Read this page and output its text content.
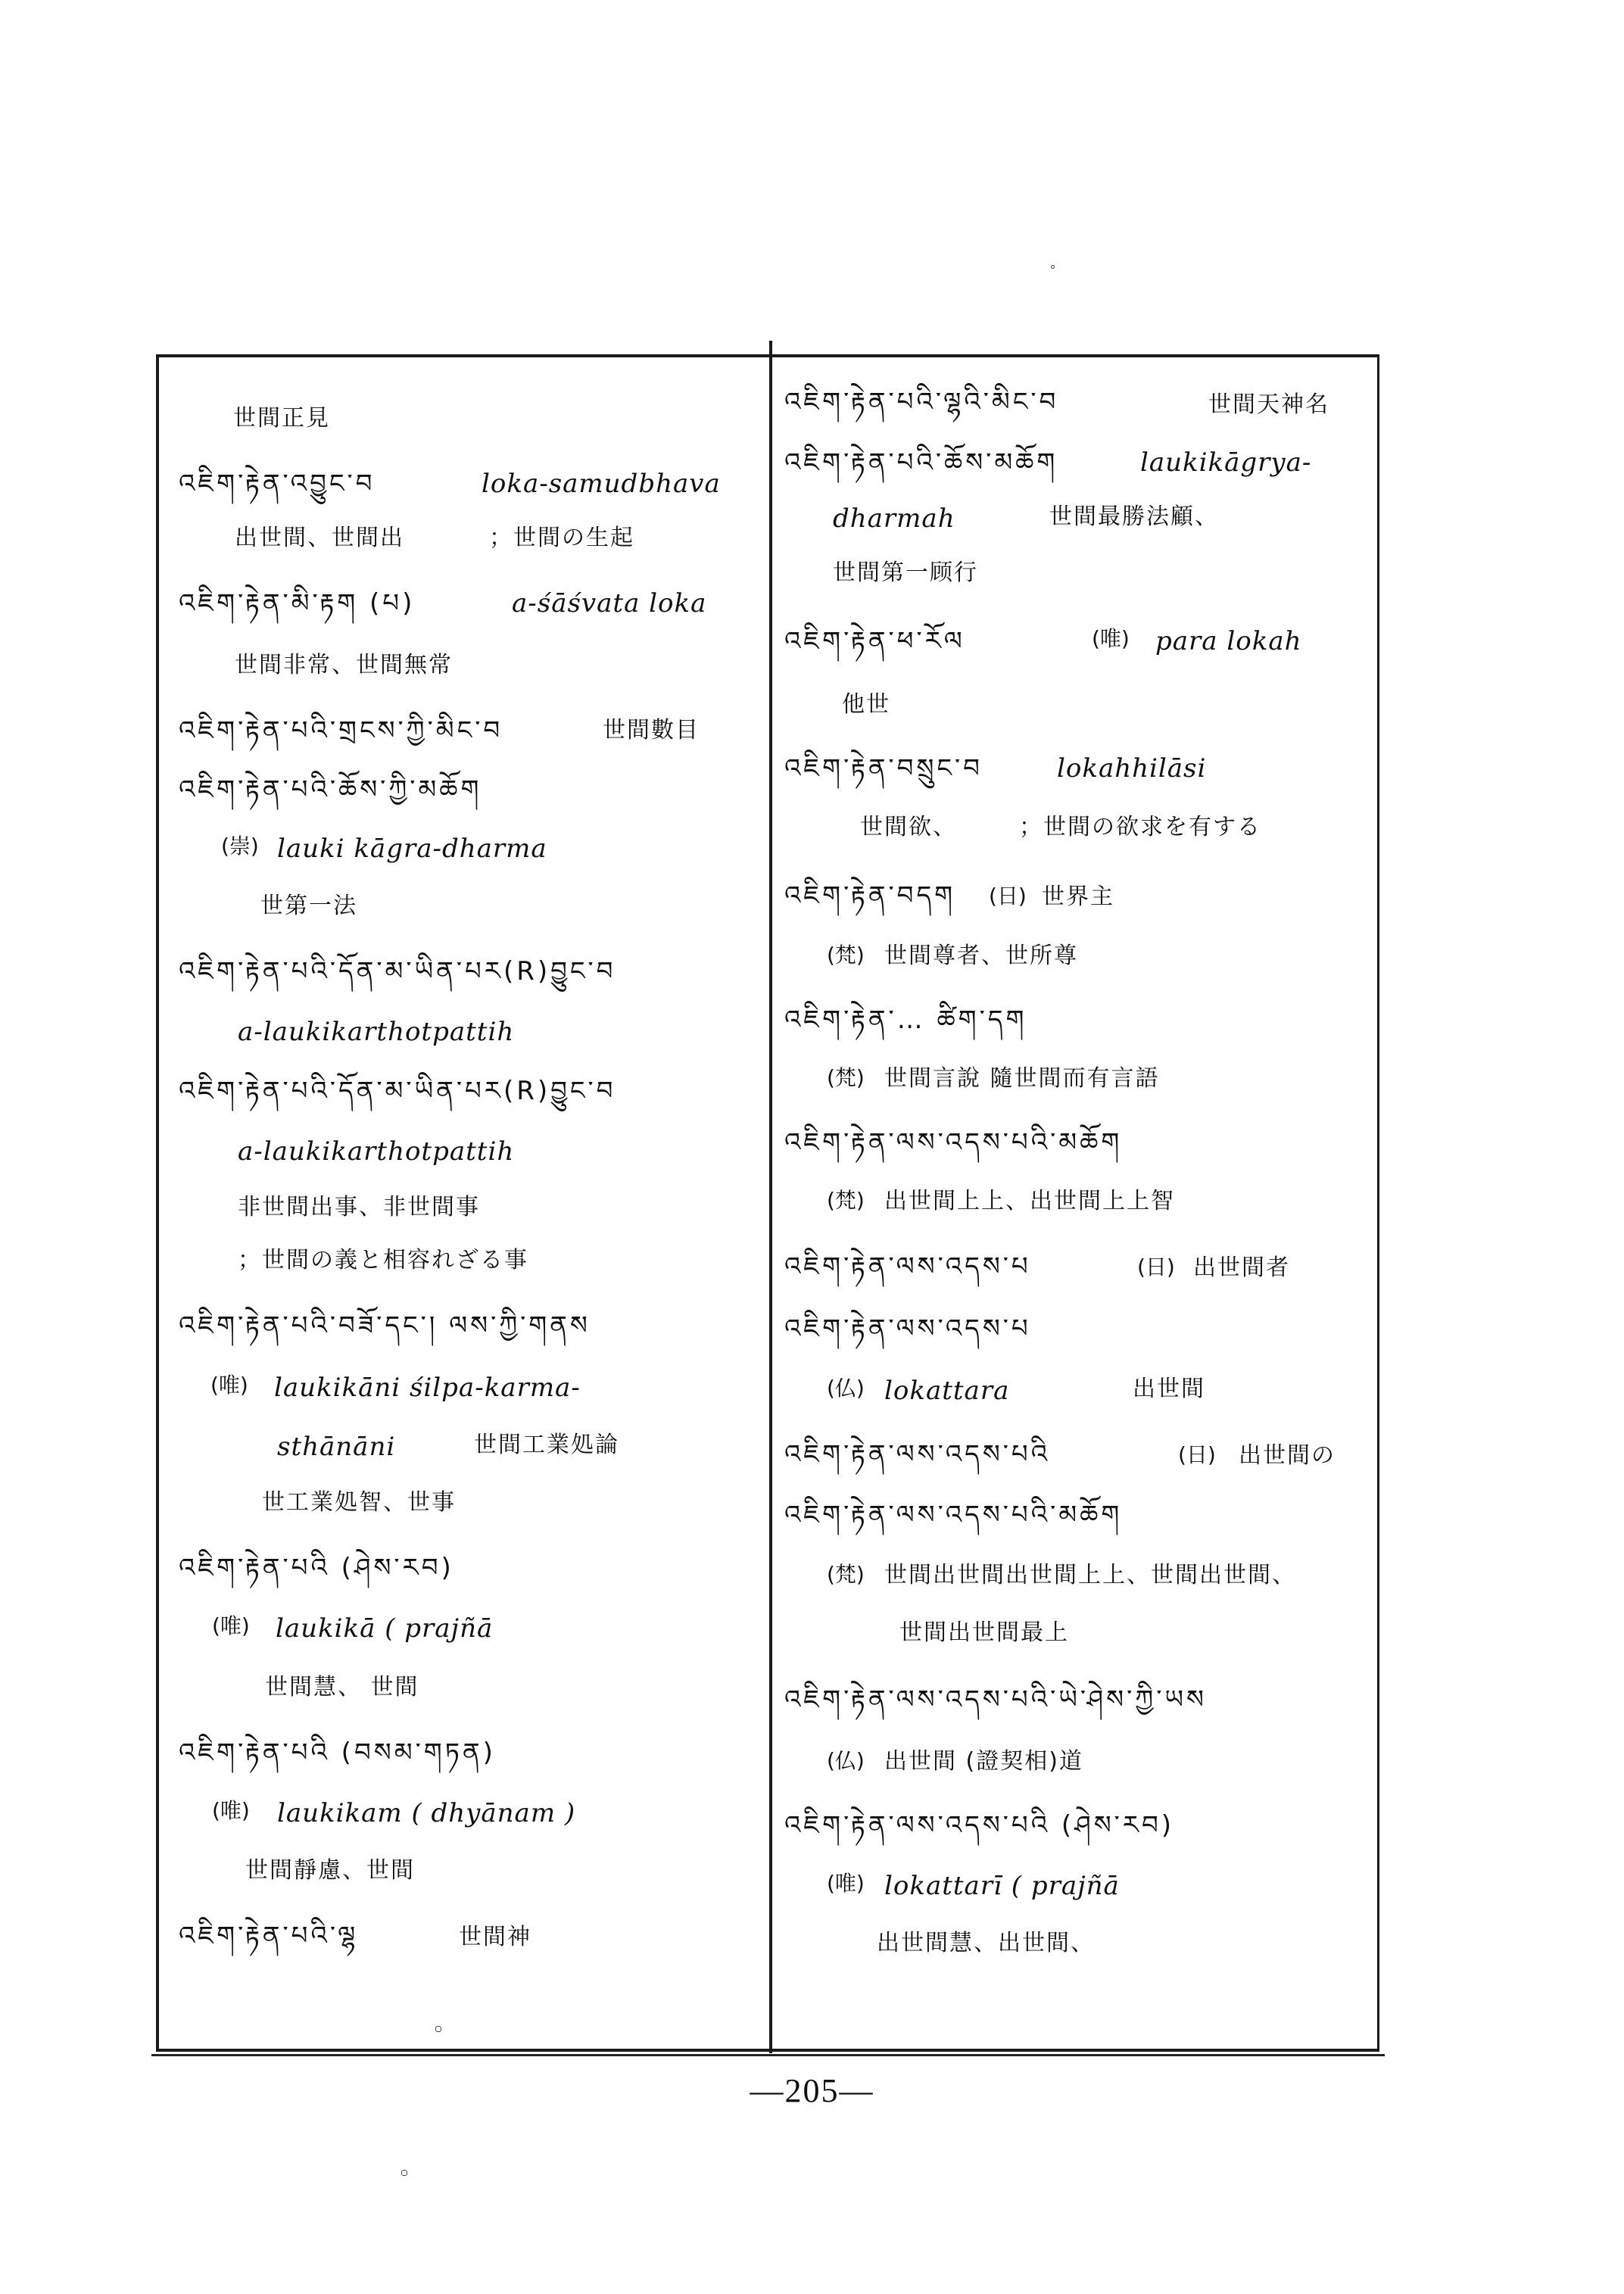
世間正見
འཇིག་རྟེན་འབྱུང་བ	loka-samudbhava
出世間、世間出	；世間の生起
འཇིག་རྟེན་མི་རྟག (པ)	a-śāśvata loka
世間非常、世間無常
འཇིག་རྟེན་པའི་གྲངས་ཀྱི་མིང་བ	世間數目
འཇིག་རྟེན་པའི་ཆོས་ཀྱི་མཆོག
(崇) lauki kāgra-dharma
世第一法
འཇིག་རྟེན་པའི་དོན་མ་ཡིན་པར(R)བྱུང་བ
a-laukikarthotpattih
འཇིག་རྟེན་པའི་དོན་མ་ཡིན་པར(R)བྱུང་བ
a-laukikarthotpattih
非世間出事、非世間事
；世間の義と相容れざる事
འཇིག་རྟེན་པའི་བཟོ་དང་། ལས་ཀྱི་གནས
(唯) laukikāni śilpa-karma-
sthānāni	世間工業処論
世工業処智、世事
འཇིག་རྟེན་པའི (ཤེས་རབ)
(唯) laukikā ( prajñā
世間慧、 世間
འཇིག་རྟེན་པའི (བསམ་གཏན)
(唯) laukikam ( dhyānam )
世間靜慮、世間
འཇིག་རྟེན་པའི་ལྷ	世間神
འཇིག་རྟེན་པའི་ལྷའི་མིང་བ	世間天神名
འཇིག་རྟེན་པའི་ཆོས་མཆོག	laukikāgrya-
dharmah	世間最勝法顧、
世間第一顾行
འཇིག་རྟེན་ཕ་རོལ	(唯) para lokah
他世
འཇིག་རྟེན་བསྲུང་བ	lokahhilāsi
世間欲、	；世間の欲求を有する
འཇིག་རྟེན་བདག (日) 世界主
(梵) 世間尊者、世所尊
འཇིག་རྟེན་… ཚིག་དག
(梵) 世間言說 隨世間而有言語
འཇིག་རྟེན་ལས་འདས་པའི་མཆོག
(梵) 出世間上上、出世間上上智
འཇིག་རྟེན་ལས་འདས་པ	(日) 出世間者
འཇིག་རྟེན་ལས་འདས་པ
(仏) lokattara	出世間
འཇིག་རྟེན་ལས་འདས་པའི	(日) 出世間の
འཇིག་རྟེན་ལས་འདས་པའི་མཆོག
(梵) 世間出世間出世間上上、世間出世間、
世間出世間最上
འཇིག་རྟེན་ལས་འདས་པའི་ཡེ་ཤེས་ཀྱི་ཡས
(仏) 出世間 (證契相)道
འཇིག་རྟེན་ལས་འདས་པའི (ཤེས་རབ)
(唯) lokattarī ( prajñā
出世間慧、出世間、
—205—
